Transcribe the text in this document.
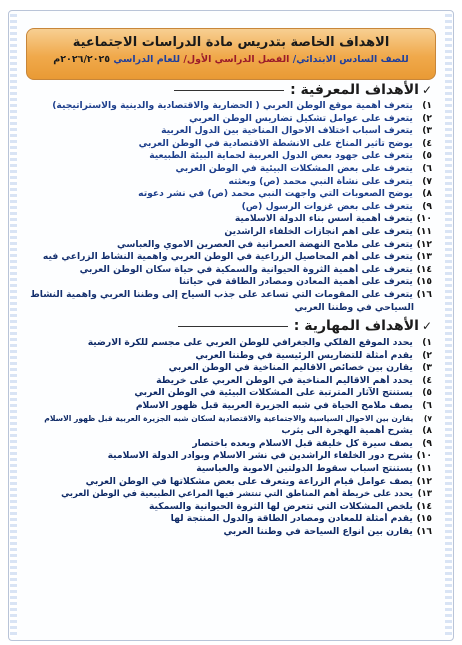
الاهداف الخاصة بتدريس مادة الدراسات الاجتماعية
للصف السادس الابتدائي/ الفصل الدراسي الأول/ للعام الدراسي ٢٠٢٦/٢٠٢٥م
✓الأهداف المعرفية :
١) يتعرف أهمية موقع الوطن العربي ( الحضارية والاقتصادية والدينية والاستراتيجية)
٢) يتعرف على عوامل تشكيل تضاريس الوطن العربي
٣) يتعرف أسباب اختلاف الاحوال المناخية بين الدول العربية
٤) يوضح تأثير المناخ على الانشطة الاقتصادية في الوطن العربي
٥) يتعرف على جهود بعض الدول العربية لحماية البيئة الطبيعية
٦) يتعرف على بعض المشكلات البيئية في الوطن العربي
٧) يتعرف على نشأة النبي محمد (ص) وبعثته
٨) يوضح الصعوبات التي واجهت النبي محمد (ص) في نشر دعوته
٩) يتعرف على بعض غزوات الرسول (ص)
١٠) يتعرف أهمية أسس بناء الدولة الاسلامية
١١) يتعرف على اهم انجازات الخلفاء الراشدين
١٢) يتعرف على ملامح النهضة العمرانية في العصرين الاموي والعباسي
١٣) يتعرف على أهم المحاصيل الزراعية في الوطن العربي واهمية النشاط الزراعي فيه
١٤) يتعرف على أهمية الثروة الحيوانية والسمكية في حياة سكان الوطن العربي
١٥) يتعرف على أهمية المعادن ومصادر الطاقة في حياتنا
١٦) يتعرف على المقومات التي تساعد على جذب السياح إلى وطننا العربي واهمية النشاط
السياحي في وطننا العربي
✓الأهداف المهارية :
١) يحدد الموقع الفلكي والجغرافي للوطن العربي على مجسم للكرة الارضية
٢) يقدم أمثلة للتضاريس الرئيسية في وطننا العربي
٣) يقارن بين خصائص الاقاليم المناخية في الوطن العربي
٤) يحدد أهم الاقاليم المناخية في الوطن العربي على خريطة
٥) يستنتج الآثار المترتبة على المشكلات البيئية في الوطن العربي
٦) يصف ملامح الحياة في شبه الجزيرة العربية قبل ظهور الاسلام
٧) يقارن بين الاحوال السياسية والاجتماعية والاقتصادية لسكان شبه الجزيرة العربية قبل ظهور الاسلام
٨) يشرح أهمية الهجرة الى يثرب
٩) يصف سيرة كل خليفة قبل الاسلام وبعده باختصار
١٠) يشرح دور الخلفاء الراشدين في نشر الاسلام وبوادر الدولة الاسلامية
١١) يستنتج اسباب سقوط الدولتين الاموية والعباسية
١٢) يصف عوامل قيام الزراعة ويتعرف على بعض مشكلاتها في الوطن العربي
١٣) يحدد على خريطة أهم المناطق التي تنتشر فيها المراعي الطبيعية في الوطن العربي
١٤) يلخص المشكلات التي تتعرض لها الثروة الحيوانية والسمكية
١٥) يقدم أمثلة للمعادن ومصادر الطاقة والدول المنتجة لها
١٦) يقارن بين أنواع السياحة في وطننا العربي
